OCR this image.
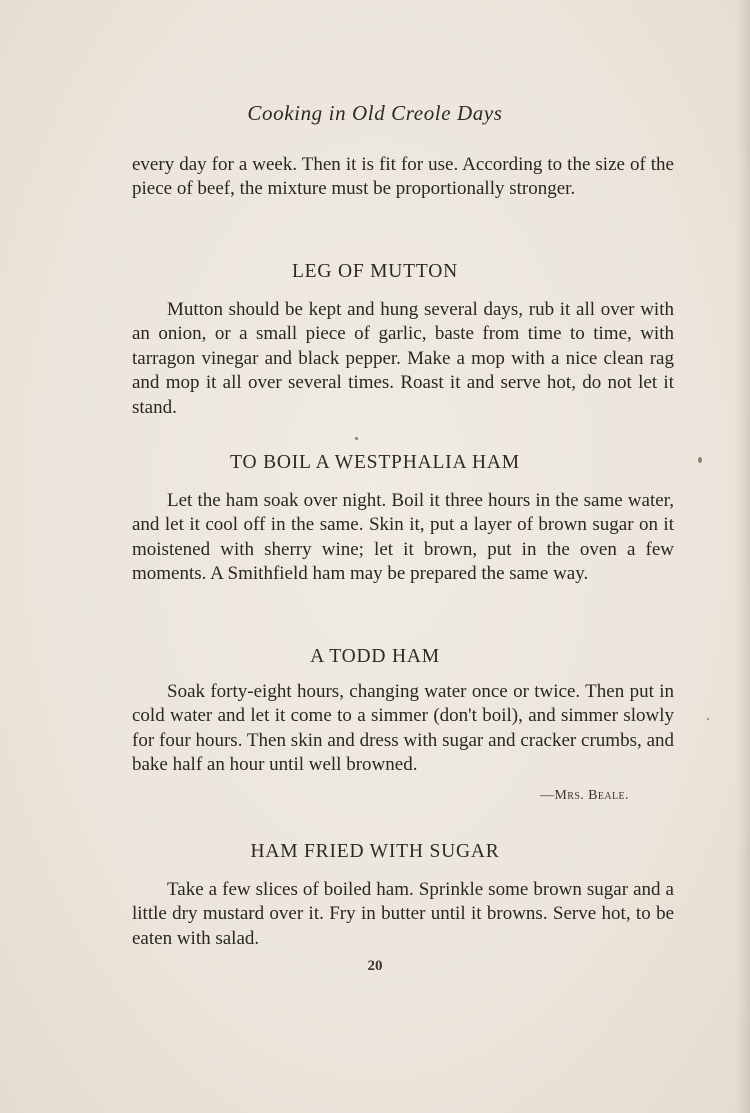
Cooking in Old Creole Days

every day for a week. Then it is fit for use. According to the size of the piece of beef, the mixture must be proportionally stronger.

LEG OF MUTTON

Mutton should be kept and hung several days, rub it all over with an onion, or a small piece of garlic, baste from time to time, with tarragon vinegar and black pepper. Make a mop with a nice clean rag and mop it all over several times. Roast it and serve hot, do not let it stand.

TO BOIL A WESTPHALIA HAM

Let the ham soak over night. Boil it three hours in the same water, and let it cool off in the same. Skin it, put a layer of brown sugar on it moistened with sherry wine; let it brown, put in the oven a few moments. A Smithfield ham may be prepared the same way.

A TODD HAM

Soak forty-eight hours, changing water once or twice. Then put in cold water and let it come to a simmer (don't boil), and simmer slowly for four hours. Then skin and dress with sugar and cracker crumbs, and bake half an hour until well browned.

—Mrs. Beale.
HAM FRIED WITH SUGAR

Take a few slices of boiled ham. Sprinkle some brown sugar and a little dry mustard over it. Fry in butter until it browns. Serve hot, to be eaten with salad.

20
